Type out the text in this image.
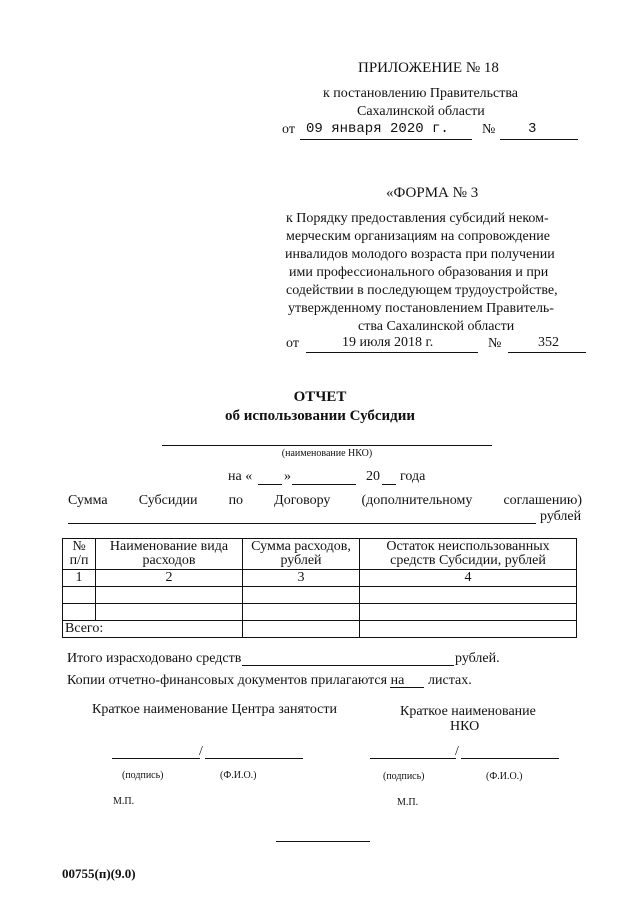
ПРИЛОЖЕНИЕ № 18
к постановлению Правительства
Сахалинской области
от 09 января 2020 г. № 3
«ФОРМА № 3
к Порядку предоставления субсидий неком-
мерческим организациям на сопровождение
инвалидов молодого возраста при получении
ими профессионального образования и при
содействии в последующем трудоустройстве,
утвержденному постановлением Правитель-
ства Сахалинской области
от	19 июля 2018 г.	№	352
ОТЧЕТ
об использовании Субсидии
(наименование НКО)
на « »	20 года
Сумма Субсидии по Договору (дополнительному соглашению)
рублей
№ п/п	Наименование вида расходов	Сумма расходов, рублей	Остаток неиспользованных средств Субсидии, рублей
1	2	3	4

Всего:			
Итого израсходовано средств	рублей.
Копии отчетно-финансовых документов прилагаются на листах.
Краткое наименование Центра занятости	Краткое наименование
НКО
/	/
(подпись)	(Ф.И.О.)	(подпись)	(Ф.И.О.)
М.П.	М.П.
00755(п)(9.0)
